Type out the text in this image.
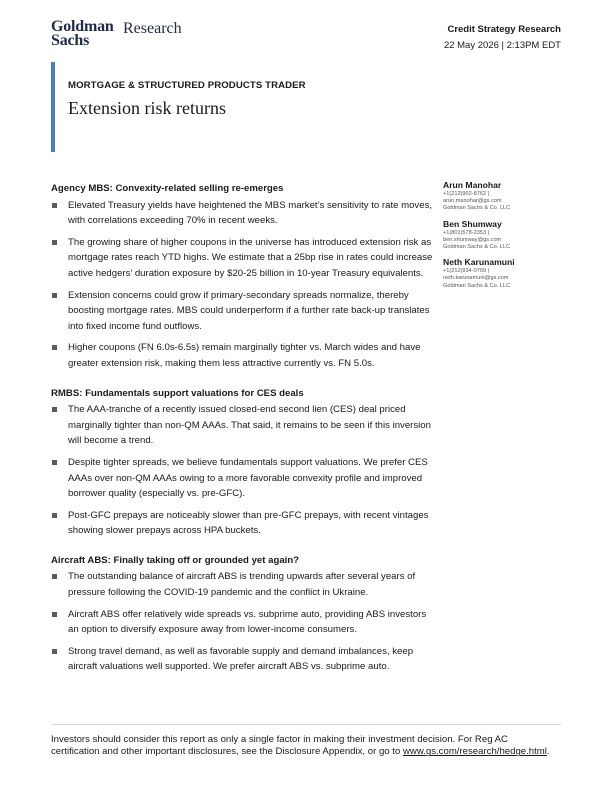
Goldman
Sachs
Research	Credit Strategy Research
22 May 2026 | 2:13PM EDT
MORTGAGE & STRUCTURED PRODUCTS TRADER
Extension risk returns
Agency MBS: Convexity-related selling re-emerges
Elevated Treasury yields have heightened the MBS market’s sensitivity to rate moves, with correlations exceeding 70% in recent weeks.
The growing share of higher coupons in the universe has introduced extension risk as mortgage rates reach YTD highs. We estimate that a 25bp rise in rates could increase active hedgers’ duration exposure by $20-25 billion in 10-year Treasury equivalents.
Extension concerns could grow if primary-secondary spreads normalize, thereby boosting mortgage rates. MBS could underperform if a further rate back-up translates into fixed income fund outflows.
Higher coupons (FN 6.0s-6.5s) remain marginally tighter vs. March wides and have greater extension risk, making them less attractive currently vs. FN 5.0s.
RMBS: Fundamentals support valuations for CES deals
The AAA-tranche of a recently issued closed-end second lien (CES) deal priced marginally tighter than non-QM AAAs. That said, it remains to be seen if this inversion will become a trend.
Despite tighter spreads, we believe fundamentals support valuations. We prefer CES AAAs over non-QM AAAs owing to a more favorable convexity profile and improved borrower quality (especially vs. pre-GFC).
Post-GFC prepays are noticeably slower than pre-GFC prepays, with recent vintages showing slower prepays across HPA buckets.
Aircraft ABS: Finally taking off or grounded yet again?
The outstanding balance of aircraft ABS is trending upwards after several years of pressure following the COVID-19 pandemic and the conflict in Ukraine.
Aircraft ABS offer relatively wide spreads vs. subprime auto, providing ABS investors an option to diversify exposure away from lower-income consumers.
Strong travel demand, as well as favorable supply and demand imbalances, keep aircraft valuations well supported. We prefer aircraft ABS vs. subprime auto.
Arun Manohar
+1(212)902-8762 |
arun.manohar@gs.com
Goldman Sachs & Co. LLC
Ben Shumway
+1(801)578-2353 |
ben.shumway@gs.com
Goldman Sachs & Co. LLC
Neth Karunamuni
+1(212)934-0709 |
neth.karunamuni@gs.com
Goldman Sachs & Co. LLC
Investors should consider this report as only a single factor in making their investment decision. For Reg AC certification and other important disclosures, see the Disclosure Appendix, or go to www.gs.com/research/hedge.html.
